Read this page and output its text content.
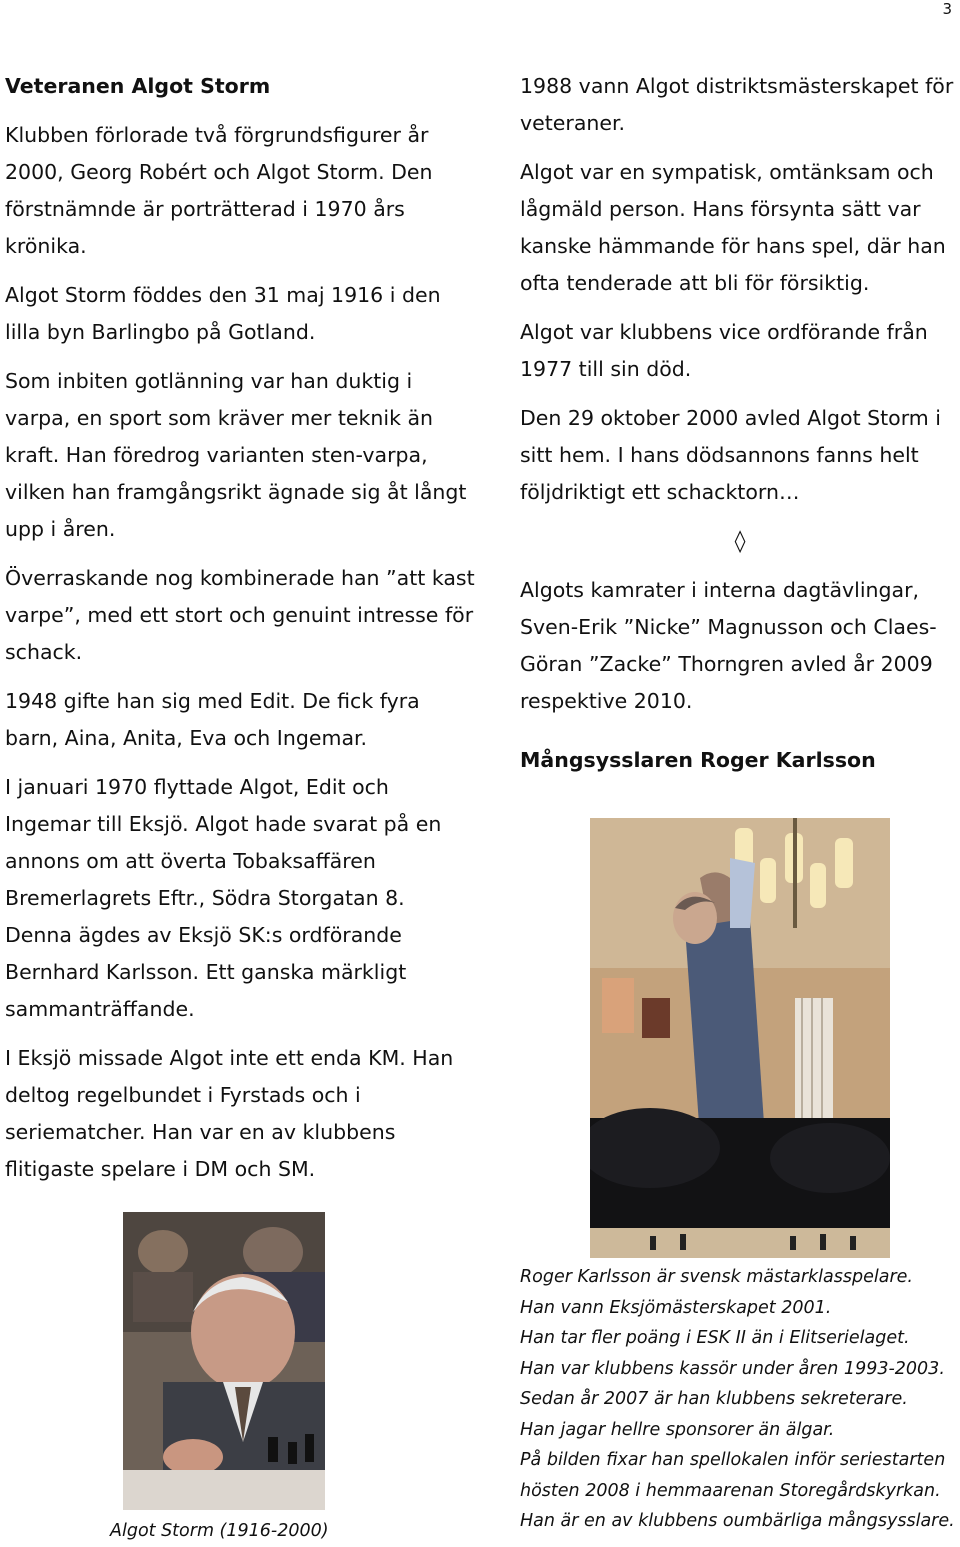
3

Veteranen Algot Storm

Klubben förlorade två förgrundsfigurer år 2000, Georg Robért och Algot Storm. Den förstnämnde är porträtterad i 1970 års krönika.

Algot Storm föddes den 31 maj 1916 i den lilla byn Barlingbo på Gotland.

Som inbiten gotlänning var han duktig i varpa, en sport som kräver mer teknik än kraft. Han föredrog varianten sten-varpa, vilken han framgångsrikt ägnade sig åt långt upp i åren.

Överraskande nog kombinerade han ”att kast varpe”, med ett stort och genuint intresse för schack.

1948 gifte han sig med Edit. De fick fyra barn, Aina, Anita, Eva och Ingemar.

I januari 1970 flyttade Algot, Edit och Ingemar till Eksjö. Algot hade svarat på en annons om att överta Tobaksaffären Bremerlagrets Eftr., Södra Storgatan 8. Denna ägdes av Eksjö SK:s ordförande Bernhard Karlsson. Ett ganska märkligt sammanträffande.

I Eksjö missade Algot inte ett enda KM. Han deltog regelbundet i Fyrstads och i seriematcher. Han var en av klubbens flitigaste spelare i DM och SM.

Algot Storm (1916-2000)

1988 vann Algot distriktsmästerskapet för veteraner.

Algot var en sympatisk, omtänksam och lågmäld person. Hans försynta sätt var kanske hämmande för hans spel, där han ofta tenderade att bli för försiktig.

Algot var klubbens vice ordförande från 1977 till sin död.

Den 29 oktober 2000 avled Algot Storm i sitt hem. I hans dödsannons fanns helt följdriktigt ett schacktorn…

◊

Algots kamrater i interna dagtävlingar, Sven-Erik ”Nicke” Magnusson och Claes-Göran ”Zacke” Thorngren avled år 2009 respektive 2010.

Mångsysslaren Roger Karlsson

Roger Karlsson är svensk mästarklasspelare.
Han vann Eksjömästerskapet 2001.
Han tar fler poäng i ESK II än i Elitserielaget.
Han var klubbens kassör under åren 1993-2003.
Sedan år 2007 är han klubbens sekreterare.
Han jagar hellre sponsorer än älgar.
På bilden fixar han spellokalen inför seriestarten
hösten 2008 i hemmaarenan Storegårdskyrkan.
Han är en av klubbens oumbärliga mångsysslare.
